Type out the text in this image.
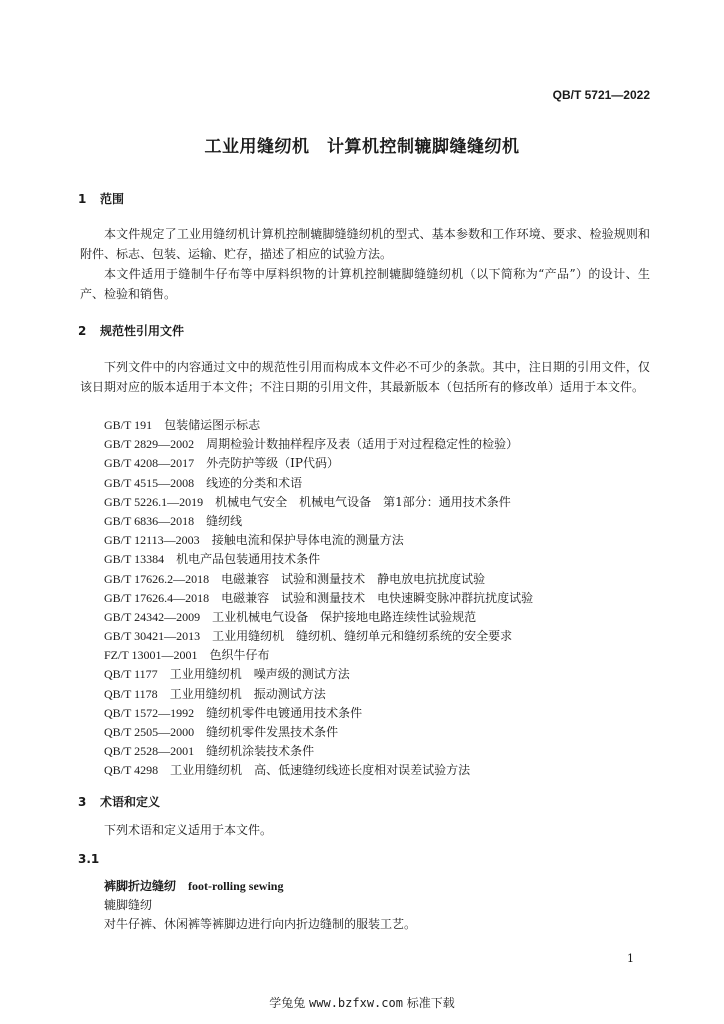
QB/T 5721—2022
工业用缝纫机　计算机控制辘脚缝缝纫机
1 范围
本文件规定了工业用缝纫机计算机控制辘脚缝缝纫机的型式、基本参数和工作环境、要求、检验规则和附件、标志、包装、运输、贮存，描述了相应的试验方法。
本文件适用于缝制牛仔布等中厚料织物的计算机控制辘脚缝缝纫机（以下简称为“产品”）的设计、生产、检验和销售。
2 规范性引用文件
下列文件中的内容通过文中的规范性引用而构成本文件必不可少的条款。其中，注日期的引用文件，仅该日期对应的版本适用于本文件；不注日期的引用文件，其最新版本（包括所有的修改单）适用于本文件。
GB/T 191　 包装储运图示标志
GB/T 2829—2002　 周期检验计数抽样程序及表（适用于对过程稳定性的检验）
GB/T 4208—2017　 外壳防护等级（IP代码）
GB/T 4515—2008　 线迹的分类和术语
GB/T 5226.1—2019　 机械电气安全　机械电气设备　第1部分：通用技术条件
GB/T 6836—2018　 缝纫线
GB/T 12113—2003　 接触电流和保护导体电流的测量方法
GB/T 13384　 机电产品包装通用技术条件
GB/T 17626.2—2018　 电磁兼容　试验和测量技术　静电放电抗扰度试验
GB/T 17626.4—2018　 电磁兼容　试验和测量技术　电快速瞬变脉冲群抗扰度试验
GB/T 24342—2009　 工业机械电气设备　保护接地电路连续性试验规范
GB/T 30421—2013　 工业用缝纫机　缝纫机、缝纫单元和缝纫系统的安全要求
FZ/T 13001—2001　 色织牛仔布
QB/T 1177　 工业用缝纫机　噪声级的测试方法
QB/T 1178　 工业用缝纫机　振动测试方法
QB/T 1572—1992　 缝纫机零件电镀通用技术条件
QB/T 2505—2000　 缝纫机零件发黑技术条件
QB/T 2528—2001　 缝纫机涂装技术条件
QB/T 4298　 工业用缝纫机　高、低速缝纫线迹长度相对误差试验方法
3 术语和定义
下列术语和定义适用于本文件。
3.1
裤脚折边缝纫 foot-rolling sewing
辘脚缝纫
对牛仔裤、休闲裤等裤脚边进行向内折边缝制的服装工艺。
1
学兔兔 www.bzfxw.com 标准下载
